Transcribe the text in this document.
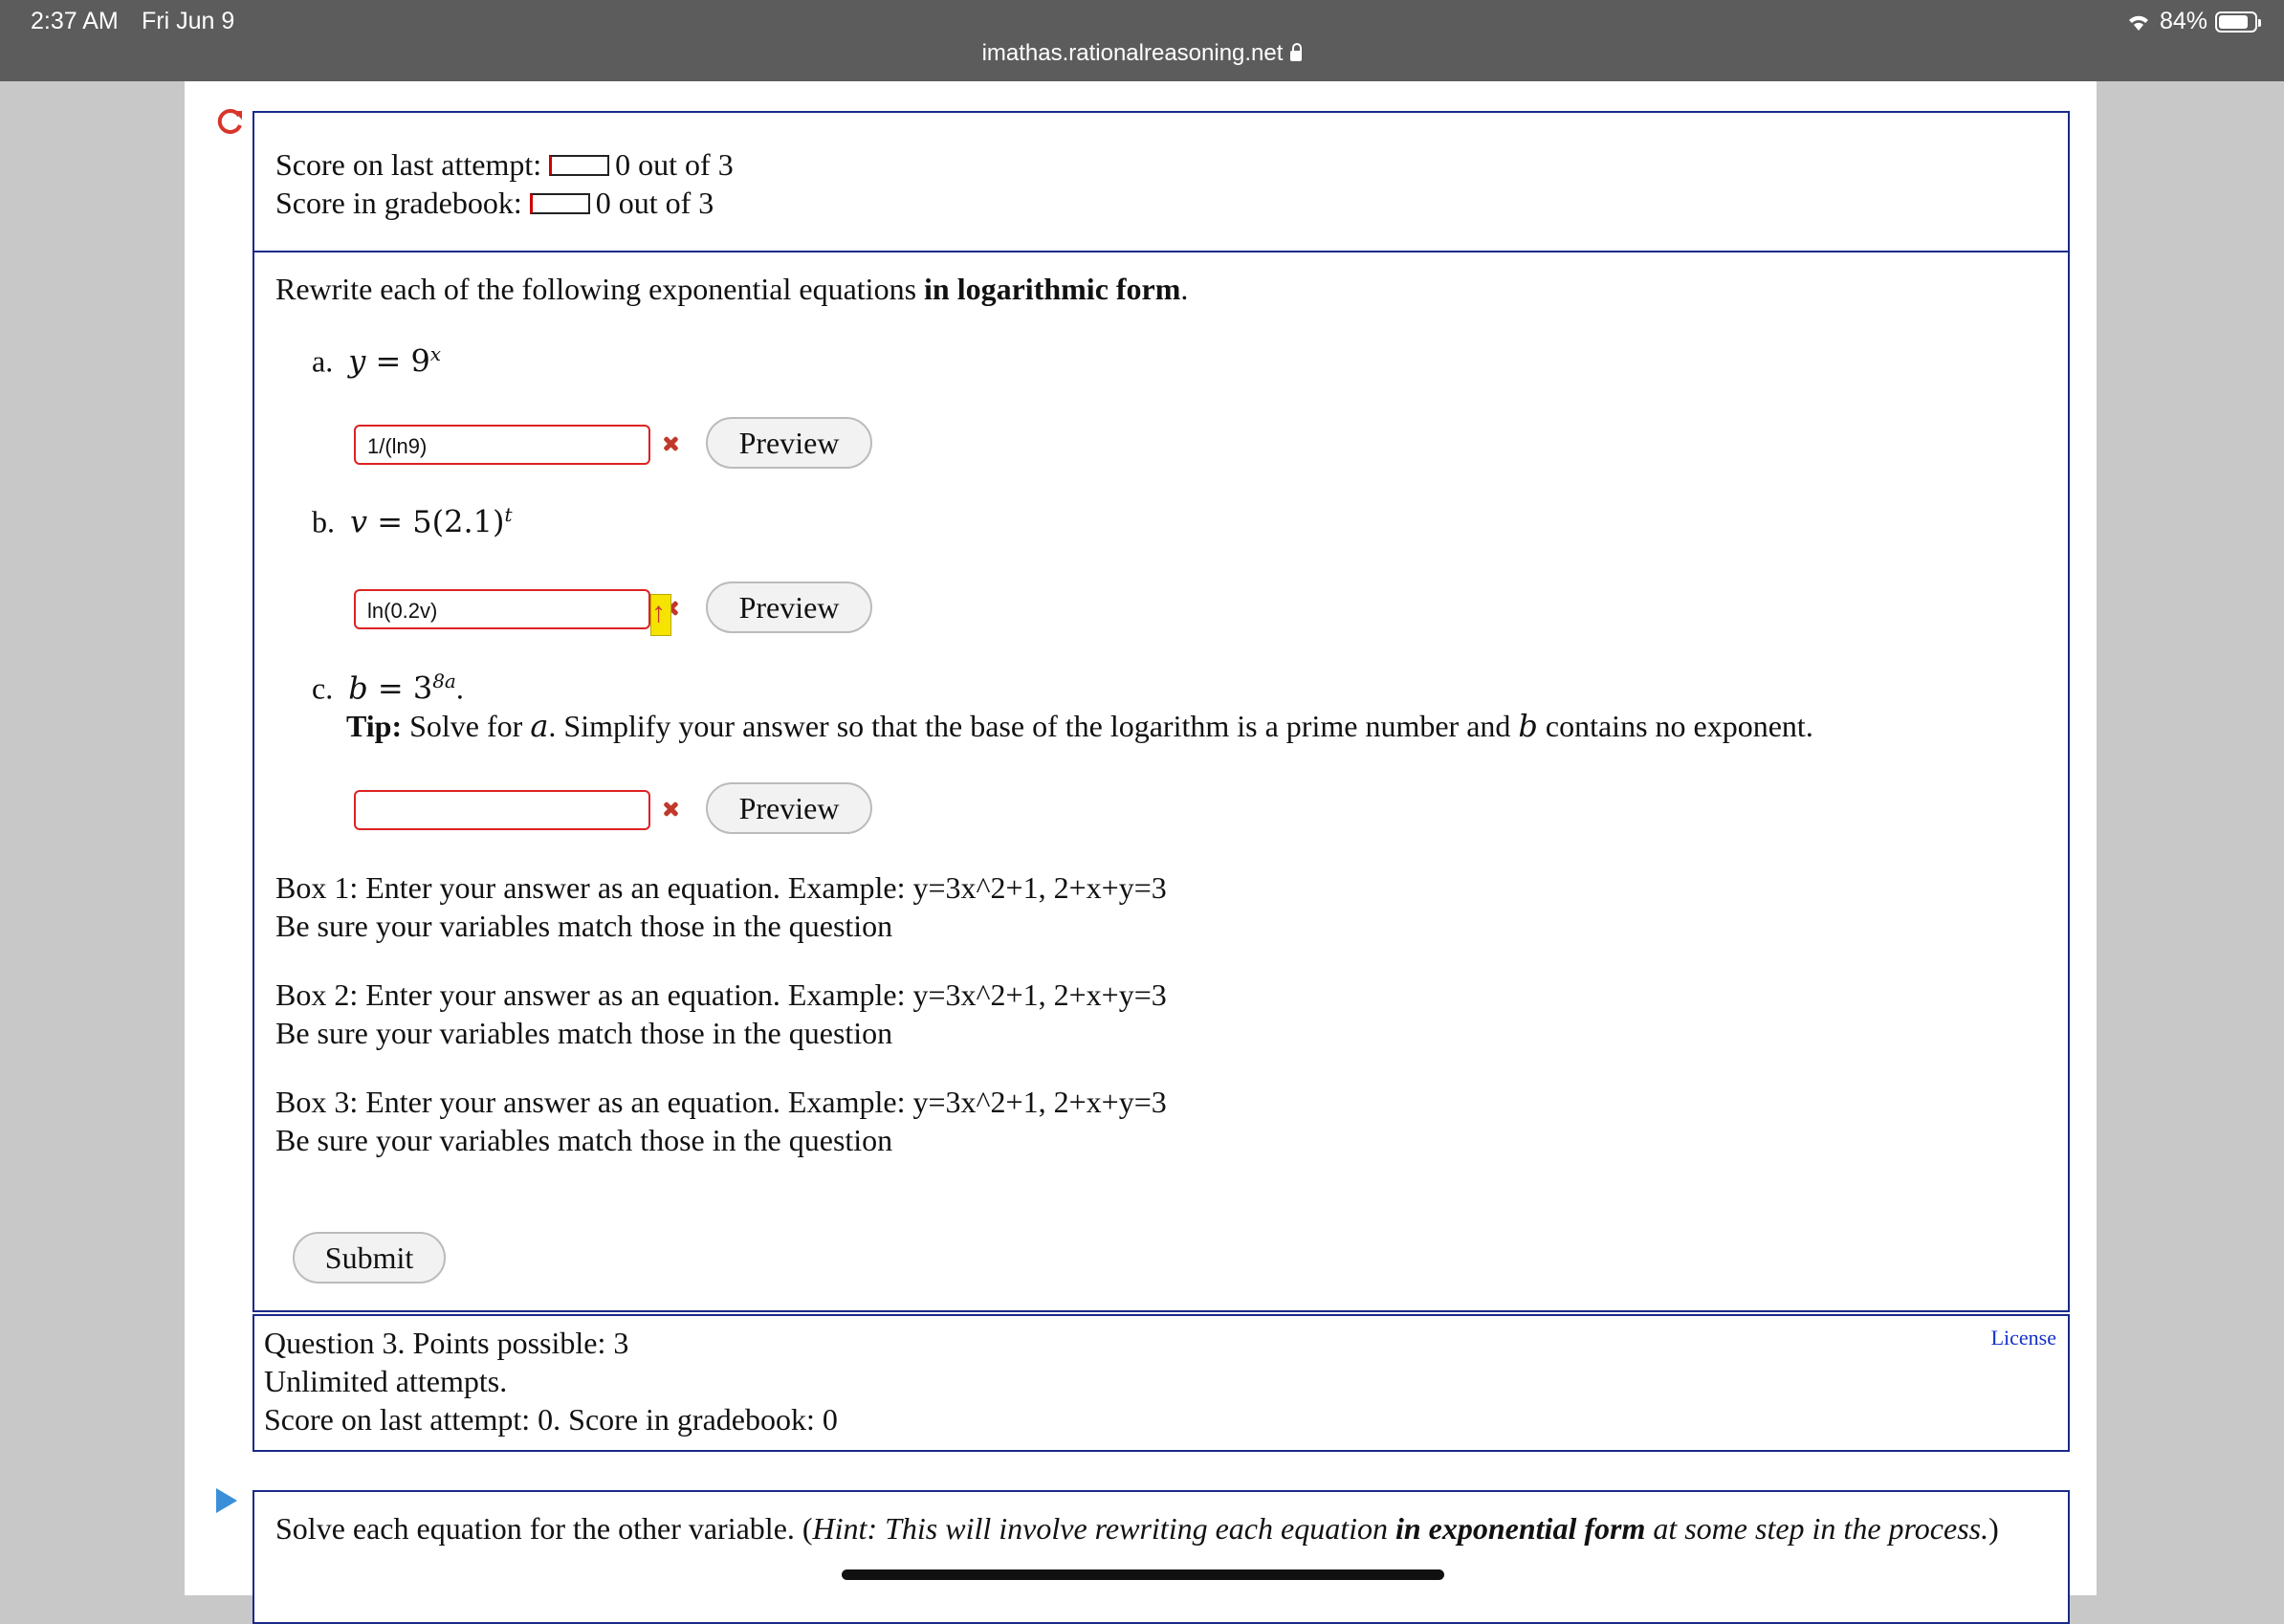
2:37 AM Fri Jun 9
imathas.rationalreasoning.net
84%
Score on last attempt: 0 out of 3
Score in gradebook: 0 out of 3
Rewrite each of the following exponential equations in logarithmic form.
a. $y = 9^x$
1/(ln9)	Preview
b. $v = 5(2.1)^t$
ln(0.2v)	Preview
c. $b = 3^{8a}$.
Tip: Solve for a. Simplify your answer so that the base of the logarithm is a prime number and b contains no exponent.
Preview
Box 1: Enter your answer as an equation. Example: y=3x^2+1, 2+x+y=3
Be sure your variables match those in the question
Box 2: Enter your answer as an equation. Example: y=3x^2+1, 2+x+y=3
Be sure your variables match those in the question
Box 3: Enter your answer as an equation. Example: y=3x^2+1, 2+x+y=3
Be sure your variables match those in the question
Submit
↑
License
Question 3. Points possible: 3
Unlimited attempts.
Score on last attempt: 0. Score in gradebook: 0
Solve each equation for the other variable. (Hint: This will involve rewriting each equation in exponential form at some step in the process.)
